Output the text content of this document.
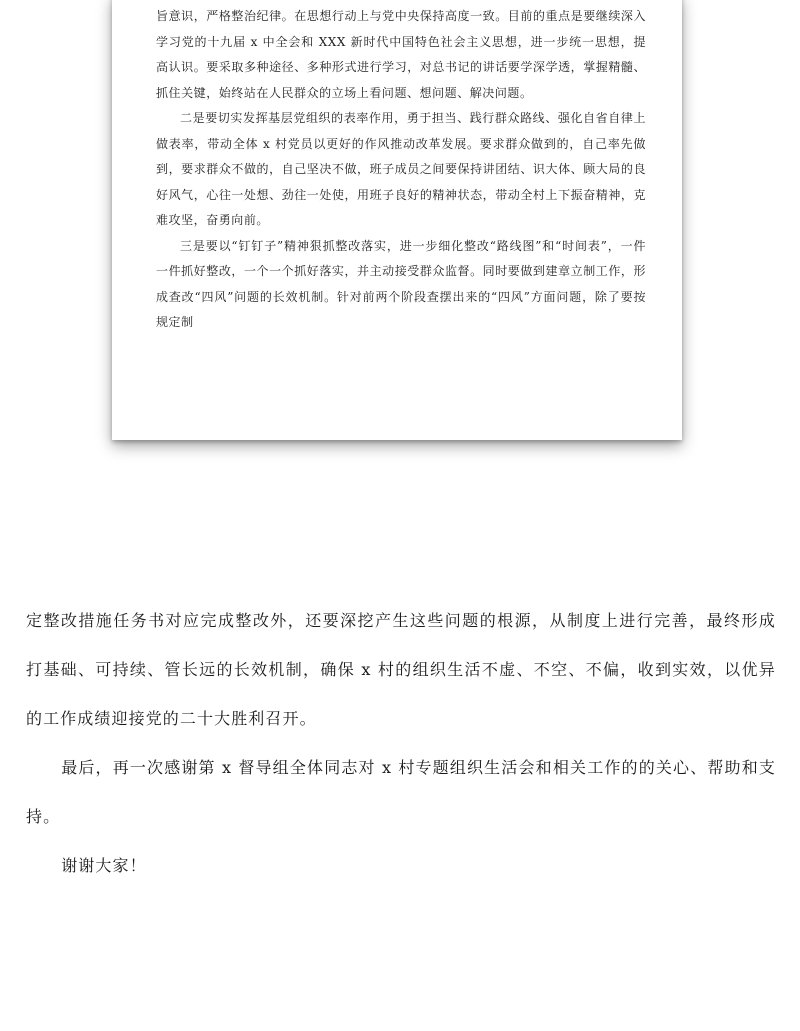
旨意识，严格整治纪律。在思想行动上与党中央保持高度一致。目前的重点是要继续深入学习党的十九届 x 中全会和 XXX 新时代中国特色社会主义思想，进一步统一思想，提高认识。要采取多种途径、多种形式进行学习，对总书记的讲话要学深学透，掌握精髓、抓住关键，始终站在人民群众的立场上看问题、想问题、解决问题。

二是要切实发挥基层党组织的表率作用，勇于担当、践行群众路线、强化自省自律上做表率，带动全体 x 村党员以更好的作风推动改革发展。要求群众做到的，自己率先做到，要求群众不做的，自己坚决不做，班子成员之间要保持讲团结、识大体、顾大局的良好风气，心往一处想、劲往一处使，用班子良好的精神状态，带动全村上下振奋精神，克难攻坚，奋勇向前。

三是要以“钉钉子”精神狠抓整改落实，进一步细化整改“路线图”和“时间表”，一件一件抓好整改，一个一个抓好落实，并主动接受群众监督。同时要做到建章立制工作，形成查改“四风”问题的长效机制。针对前两个阶段查摆出来的“四风”方面问题，除了要按规定制

定整改措施任务书对应完成整改外，还要深挖产生这些问题的根源，从制度上进行完善，最终形成打基础、可持续、管长远的长效机制，确保 x 村的组织生活不虚、不空、不偏，收到实效，以优异的工作成绩迎接党的二十大胜利召开。

最后，再一次感谢第 x 督导组全体同志对 x 村专题组织生活会和相关工作的的关心、帮助和支持。

谢谢大家！
